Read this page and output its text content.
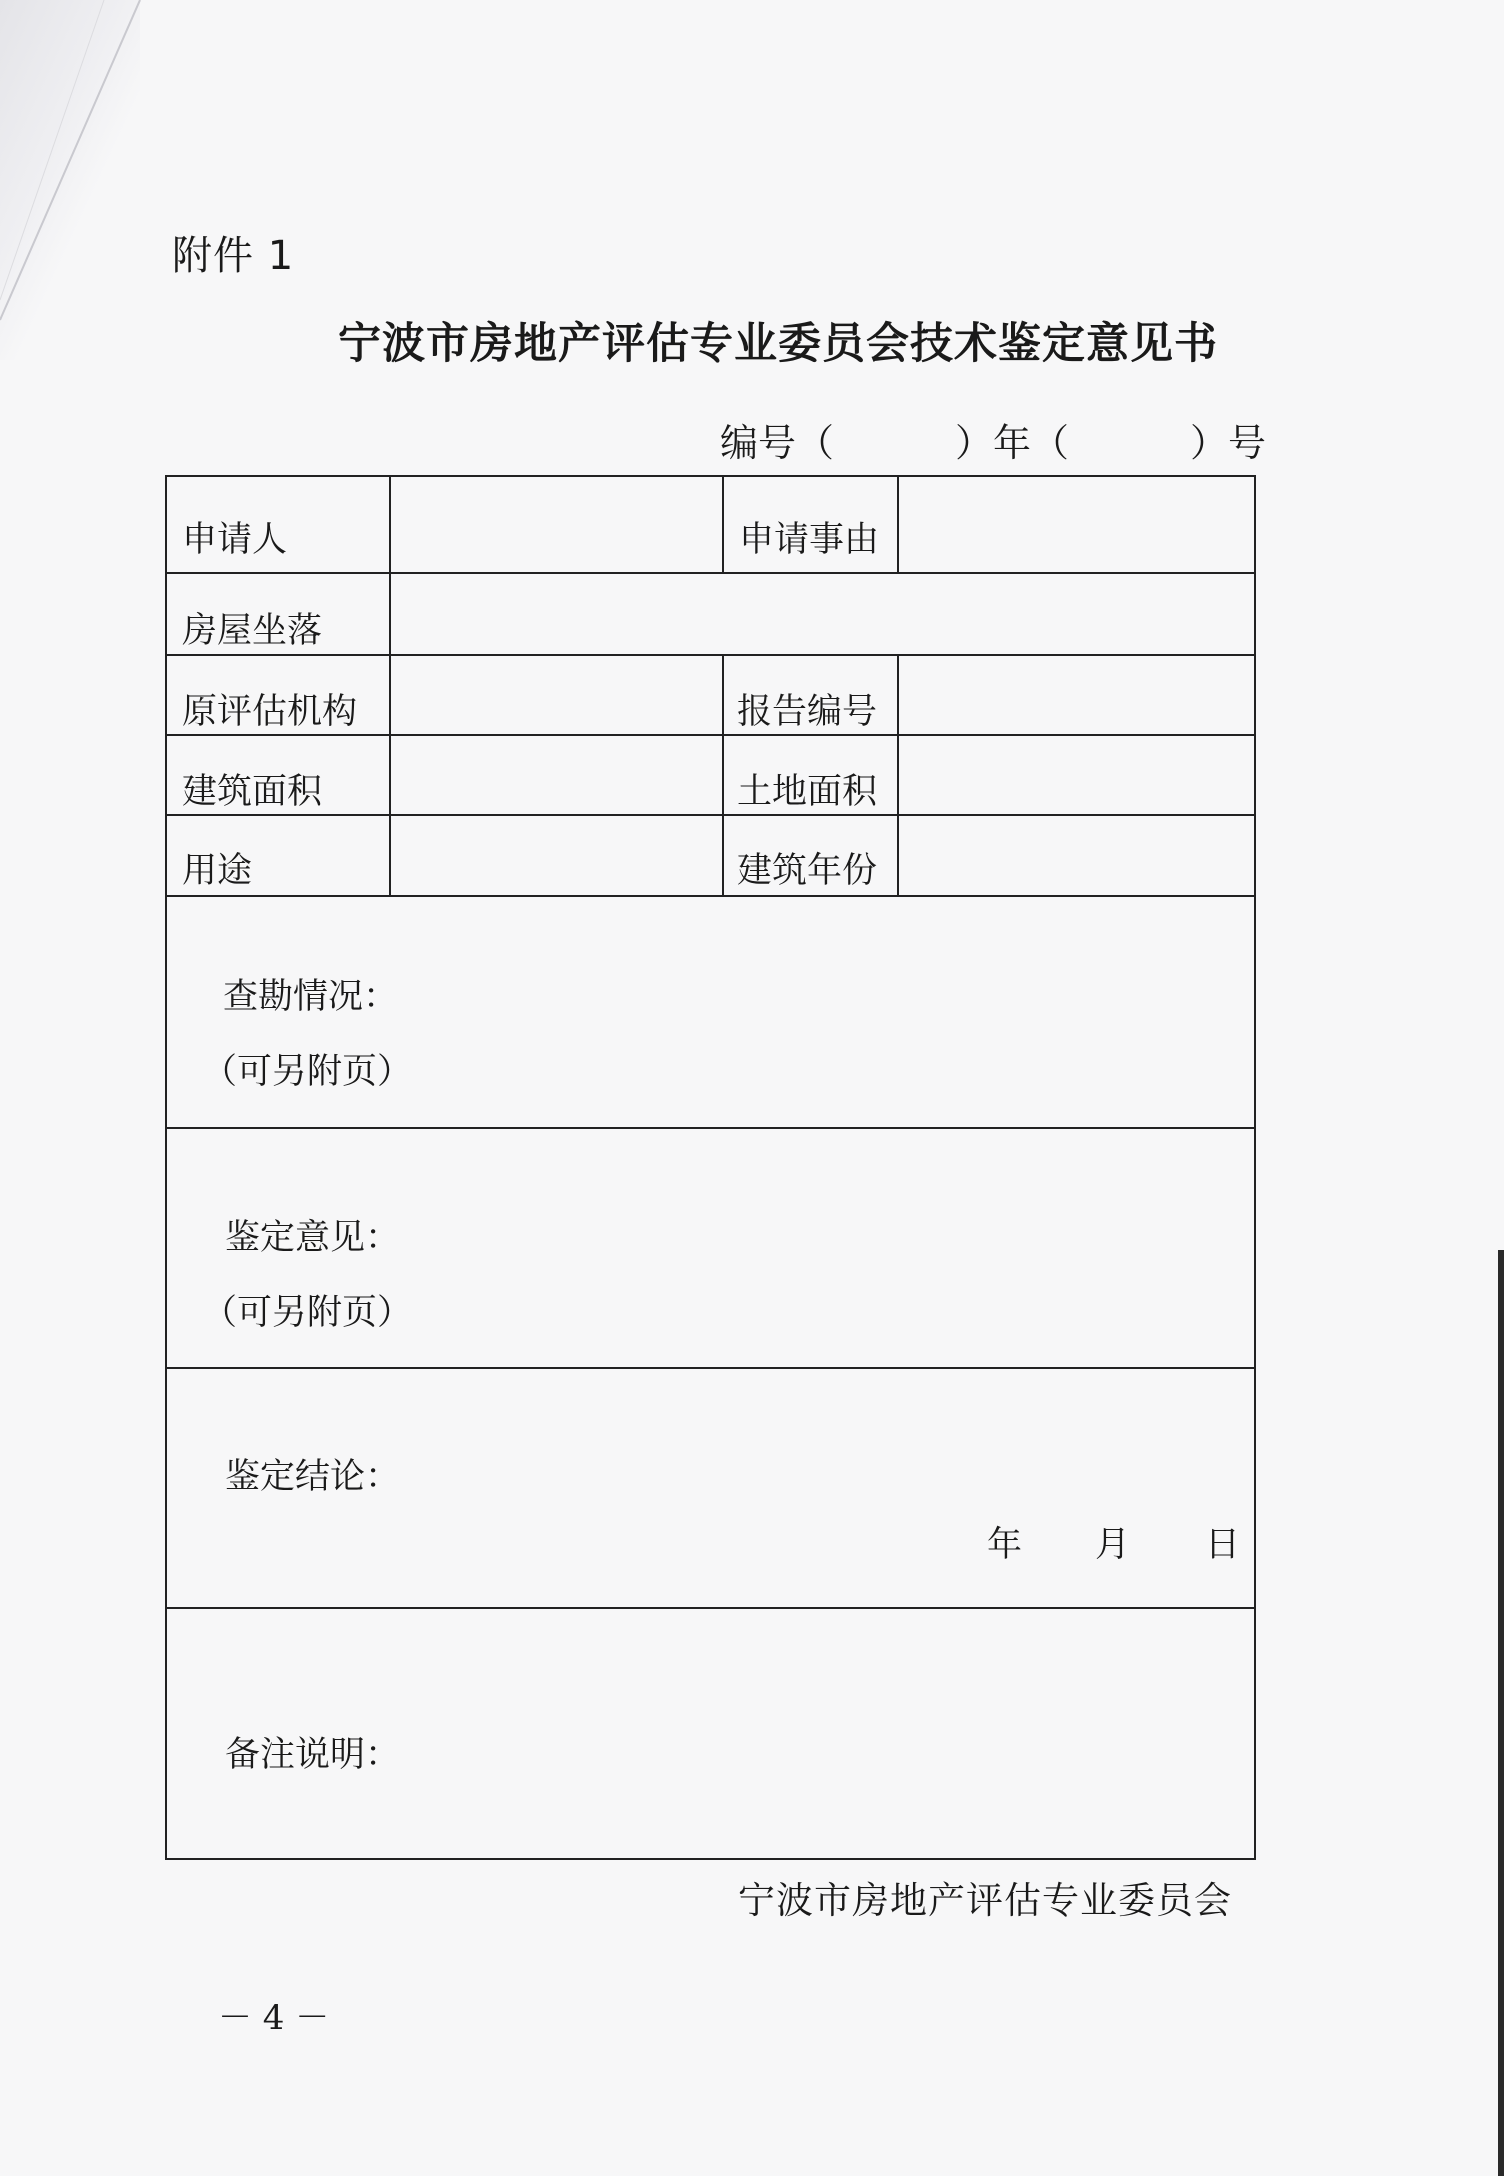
附件 1
宁波市房地产评估专业委员会技术鉴定意见书
编号（	）年（	）号
申请人	申请事由
房屋坐落
原评估机构	报告编号
建筑面积	土地面积
用途	建筑年份
查勘情况：
（可另附页）
鉴定意见：
（可另附页）
鉴定结论：
年 月 日
备注说明：
宁波市房地产评估专业委员会
－ 4 －
